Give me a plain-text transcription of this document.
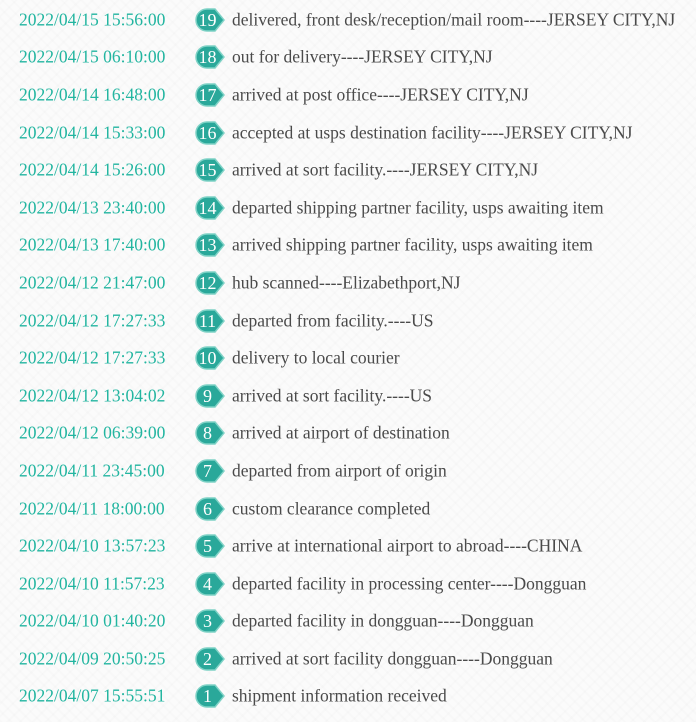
2022/04/15 15:56:00 19 delivered, front desk/reception/mail room----JERSEY CITY,NJ
2022/04/15 06:10:00 18 out for delivery----JERSEY CITY,NJ
2022/04/14 16:48:00 17 arrived at post office----JERSEY CITY,NJ
2022/04/14 15:33:00 16 accepted at usps destination facility----JERSEY CITY,NJ
2022/04/14 15:26:00 15 arrived at sort facility.----JERSEY CITY,NJ
2022/04/13 23:40:00 14 departed shipping partner facility, usps awaiting item
2022/04/13 17:40:00 13 arrived shipping partner facility, usps awaiting item
2022/04/12 21:47:00 12 hub scanned----Elizabethport,NJ
2022/04/12 17:27:33 11 departed from facility.----US
2022/04/12 17:27:33 10 delivery to local courier
2022/04/12 13:04:02	9	arrived at sort facility.----US
2022/04/12 06:39:00	8	arrived at airport of destination
2022/04/11 23:45:00	7	departed from airport of origin
2022/04/11 18:00:00	6	custom clearance completed
2022/04/10 13:57:23	5	arrive at international airport to abroad----CHINA
2022/04/10 11:57:23	4	departed facility in processing center----Dongguan
2022/04/10 01:40:20	3	departed facility in dongguan----Dongguan
2022/04/09 20:50:25	2	arrived at sort facility dongguan----Dongguan
2022/04/07 15:55:51	1	shipment information received
